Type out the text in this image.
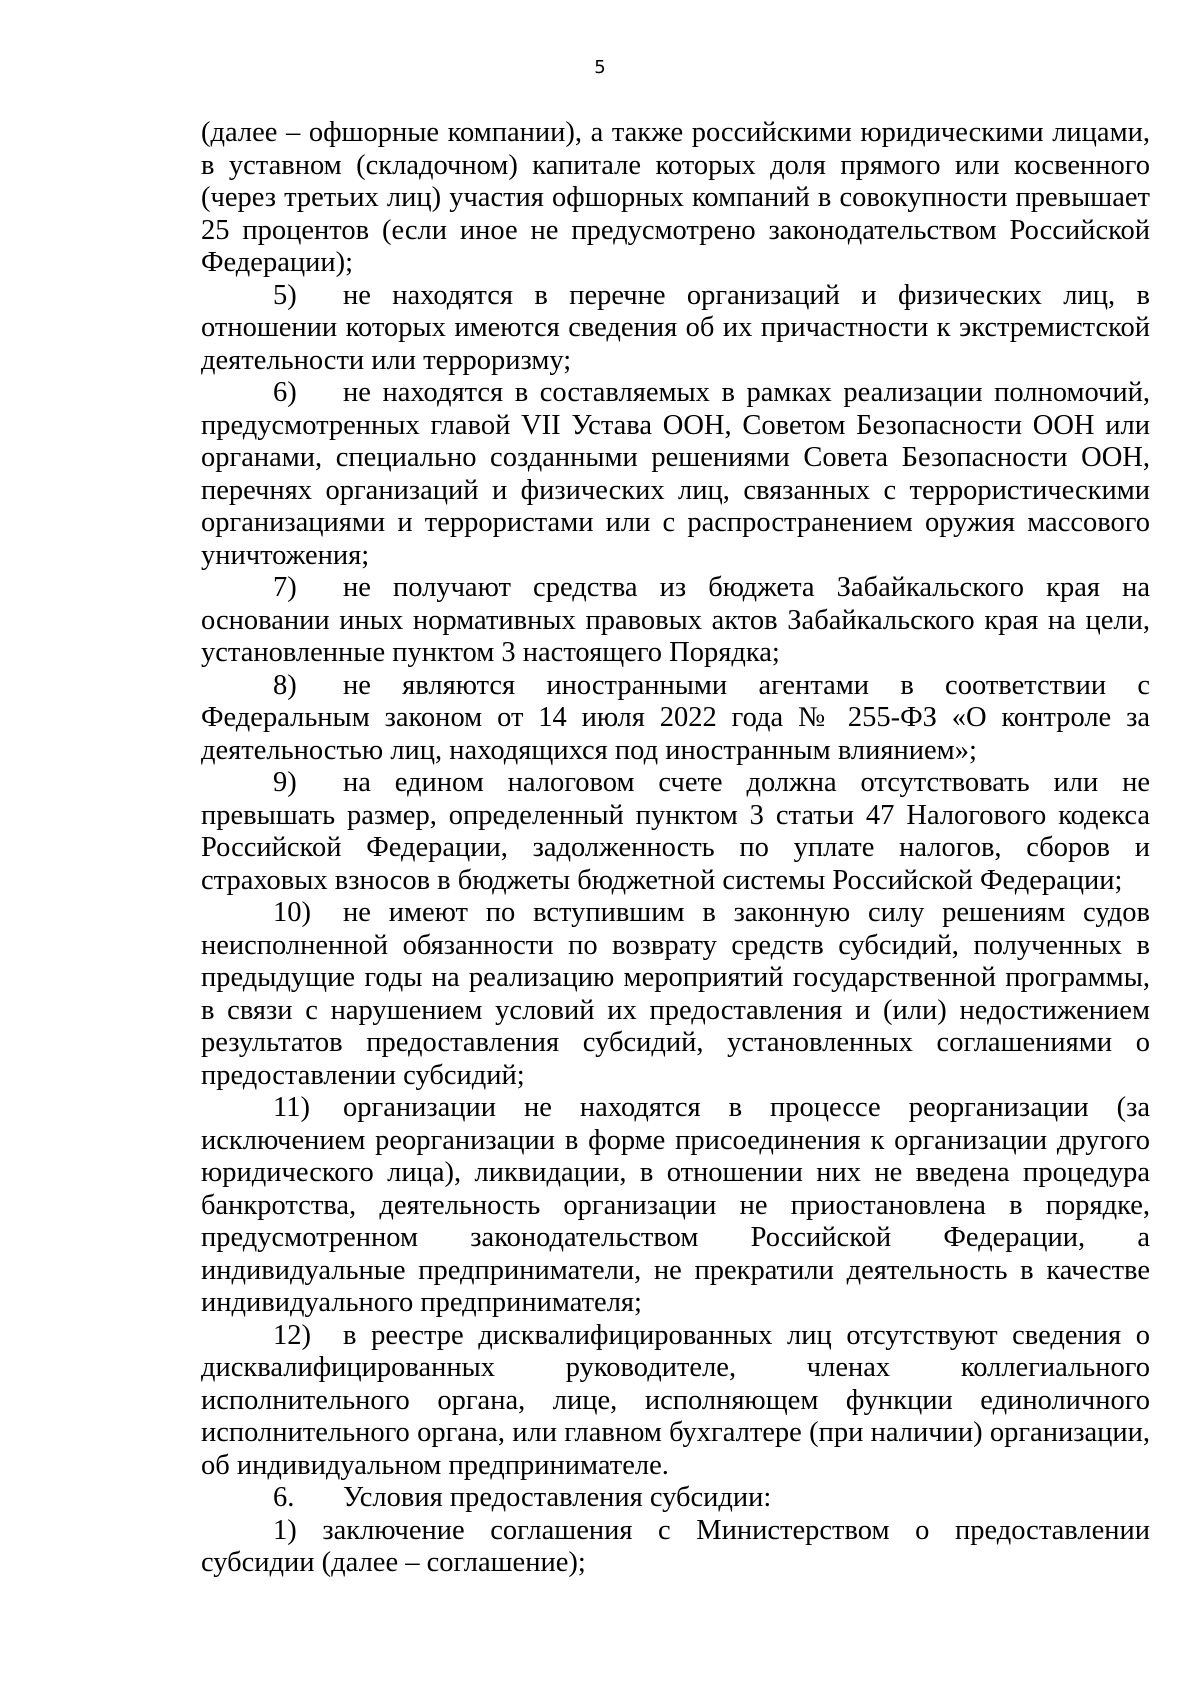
5

(далее – офшорные компании), а также российскими юридическими лицами, в уставном (складочном) капитале которых доля прямого или косвенного (через третьих лиц) участия офшорных компаний в совокупности превышает 25 процентов (если иное не предусмотрено законодательством Российской Федерации);

5) не находятся в перечне организаций и физических лиц, в отношении которых имеются сведения об их причастности к экстремистской деятельности или терроризму;

6) не находятся в составляемых в рамках реализации полномочий, предусмотренных главой VII Устава ООН, Советом Безопасности ООН или органами, специально созданными решениями Совета Безопасности ООН, перечнях организаций и физических лиц, связанных с террористическими организациями и террористами или с распространением оружия массового уничтожения;

7) не получают средства из бюджета Забайкальского края на основании иных нормативных правовых актов Забайкальского края на цели, установленные пунктом 3 настоящего Порядка;

8) не являются иностранными агентами в соответствии с Федеральным законом от 14 июля 2022 года № 255-ФЗ «О контроле за деятельностью лиц, находящихся под иностранным влиянием»;

9) на едином налоговом счете должна отсутствовать или не превышать размер, определенный пунктом 3 статьи 47 Налогового кодекса Российской Федерации, задолженность по уплате налогов, сборов и страховых взносов в бюджеты бюджетной системы Российской Федерации;

10) не имеют по вступившим в законную силу решениям судов неисполненной обязанности по возврату средств субсидий, полученных в предыдущие годы на реализацию мероприятий государственной программы, в связи с нарушением условий их предоставления и (или) недостижением результатов предоставления субсидий, установленных соглашениями о предоставлении субсидий;

11) организации не находятся в процессе реорганизации (за исключением реорганизации в форме присоединения к организации другого юридического лица), ликвидации, в отношении них не введена процедура банкротства, деятельность организации не приостановлена в порядке, предусмотренном законодательством Российской Федерации, а индивидуальные предприниматели, не прекратили деятельность в качестве индивидуального предпринимателя;

12) в реестре дисквалифицированных лиц отсутствуют сведения о дисквалифицированных руководителе, членах коллегиального исполнительного органа, лице, исполняющем функции единоличного исполнительного органа, или главном бухгалтере (при наличии) организации, об индивидуальном предпринимателе.

6. Условия предоставления субсидии:

1) заключение соглашения с Министерством о предоставлении субсидии (далее – соглашение);
